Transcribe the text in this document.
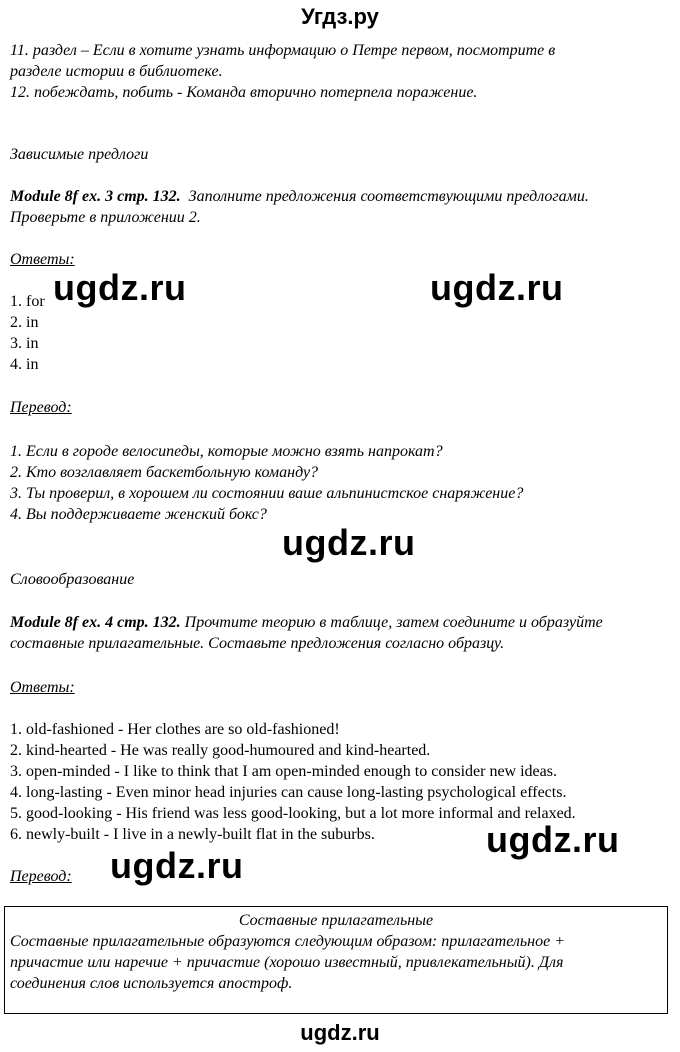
Угдз.ру
11. раздел – Если в хотите узнать информацию о Петре первом, посмотрите в
разделе истории в библиотеке.
12. побеждать, побить - Команда вторично потерпела поражение.
Зависимые предлоги
Module 8f ex. 3 стр. 132. Заполните предложения соответствующими предлогами.
Проверьте в приложении 2.
Ответы:
1. for
2. in
3. in
4. in
Перевод:
1. Если в городе велосипеды, которые можно взять напрокат?
2. Кто возглавляет баскетбольную команду?
3. Ты проверил, в хорошем ли состоянии ваше альпинистское снаряжение?
4. Вы поддерживаете женский бокс?
Словообразование
Module 8f ex. 4 стр. 132. Прочтите теорию в таблице, затем соедините и образуйте
составные прилагательные. Составьте предложения согласно образцу.
Ответы:
1. old-fashioned - Her clothes are so old-fashioned!
2. kind-hearted - He was really good-humoured and kind-hearted.
3. open-minded - I like to think that I am open-minded enough to consider new ideas.
4. long-lasting - Even minor head injuries can cause long-lasting psychological effects.
5. good-looking - His friend was less good-looking, but a lot more informal and relaxed.
6. newly-built - I live in a newly-built flat in the suburbs.
Перевод:
Составные прилагательные
Составные прилагательные образуются следующим образом: прилагательное +
причастие или наречие + причастие (хорошо известный, привлекательный). Для
соединения слов используется апостроф.
ugdz.ru	ugdz.ru
ugdz.ru
ugdz.ru
ugdz.ru
ugdz.ru
